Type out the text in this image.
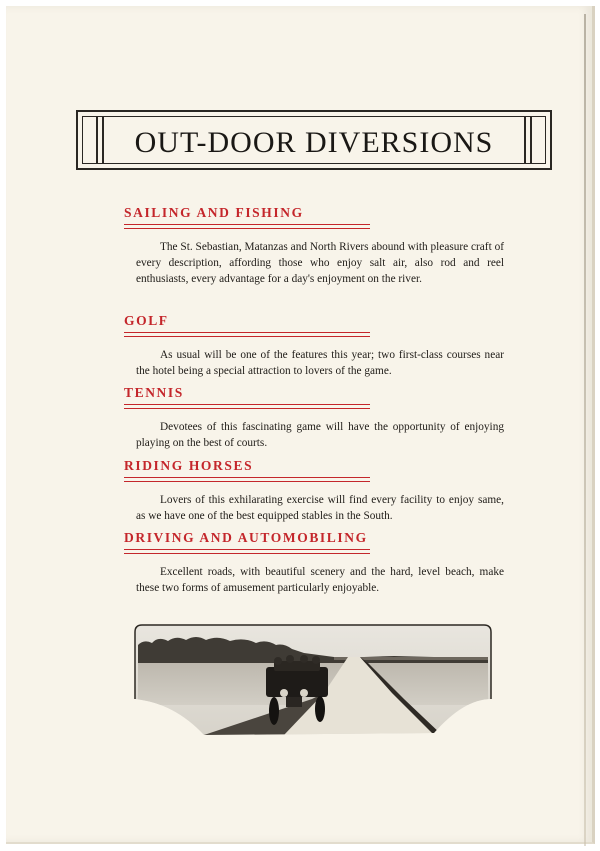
OUT-DOOR DIVERSIONS
SAILING AND FISHING

The St. Sebastian, Matanzas and North Rivers abound with pleasure craft of every description, affording those who enjoy salt air, also rod and reel enthusiasts, every advantage for a day's enjoyment on the river.

GOLF

As usual will be one of the features this year; two first-class courses near the hotel being a special attraction to lovers of the game.

TENNIS

Devotees of this fascinating game will have the opportunity of enjoying playing on the best of courts.

RIDING HORSES

Lovers of this exhilarating exercise will find every facility to enjoy same, as we have one of the best equipped stables in the South.

DRIVING AND AUTOMOBILING

Excellent roads, with beautiful scenery and the hard, level beach, make these two forms of amusement particularly enjoyable.
